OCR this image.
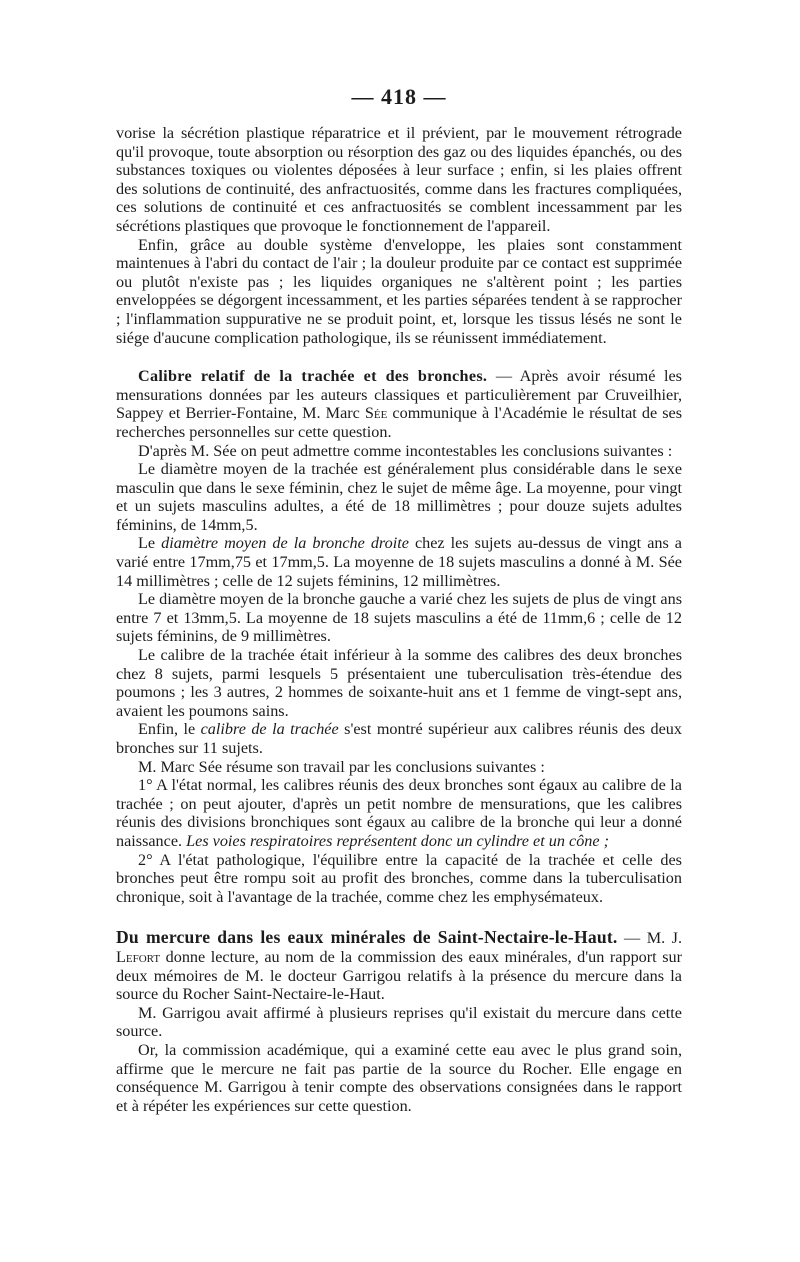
— 418 —

vorise la sécrétion plastique réparatrice et il prévient, par le mouvement rétrograde qu'il provoque, toute absorption ou résorption des gaz ou des liquides épanchés, ou des substances toxiques ou violentes déposées à leur surface ; enfin, si les plaies offrent des solutions de continuité, des anfractuosités, comme dans les fractures compliquées, ces solutions de continuité et ces anfractuosités se comblent incessamment par les sécrétions plastiques que provoque le fonctionnement de l'appareil.

Enfin, grâce au double système d'enveloppe, les plaies sont constamment maintenues à l'abri du contact de l'air ; la douleur produite par ce contact est supprimée ou plutôt n'existe pas ; les liquides organiques ne s'altèrent point ; les parties enveloppées se dégorgent incessamment, et les parties séparées tendent à se rapprocher ; l'inflammation suppurative ne se produit point, et, lorsque les tissus lésés ne sont le siége d'aucune complication pathologique, ils se réunissent immédiatement.

Calibre relatif de la trachée et des bronches. — Après avoir résumé les mensurations données par les auteurs classiques et particulièrement par Cruveilhier, Sappey et Berrier-Fontaine, M. Marc Sée communique à l'Académie le résultat de ses recherches personnelles sur cette question.

D'après M. Sée on peut admettre comme incontestables les conclusions suivantes :

Le diamètre moyen de la trachée est généralement plus considérable dans le sexe masculin que dans le sexe féminin, chez le sujet de même âge. La moyenne, pour vingt et un sujets masculins adultes, a été de 18 millimètres ; pour douze sujets adultes féminins, de 14mm,5.

Le diamètre moyen de la bronche droite chez les sujets au-dessus de vingt ans a varié entre 17mm,75 et 17mm,5. La moyenne de 18 sujets masculins a donné à M. Sée 14 millimètres ; celle de 12 sujets féminins, 12 millimètres.

Le diamètre moyen de la bronche gauche a varié chez les sujets de plus de vingt ans entre 7 et 13mm,5. La moyenne de 18 sujets masculins a été de 11mm,6 ; celle de 12 sujets féminins, de 9 millimètres.

Le calibre de la trachée était inférieur à la somme des calibres des deux bronches chez 8 sujets, parmi lesquels 5 présentaient une tuberculisation très-étendue des poumons ; les 3 autres, 2 hommes de soixante-huit ans et 1 femme de vingt-sept ans, avaient les poumons sains.

Enfin, le calibre de la trachée s'est montré supérieur aux calibres réunis des deux bronches sur 11 sujets.

M. Marc Sée résume son travail par les conclusions suivantes :

1° A l'état normal, les calibres réunis des deux bronches sont égaux au calibre de la trachée ; on peut ajouter, d'après un petit nombre de mensurations, que les calibres réunis des divisions bronchiques sont égaux au calibre de la bronche qui leur a donné naissance. Les voies respiratoires représentent donc un cylindre et un cône ;

2° A l'état pathologique, l'équilibre entre la capacité de la trachée et celle des bronches peut être rompu soit au profit des bronches, comme dans la tuberculisation chronique, soit à l'avantage de la trachée, comme chez les emphysémateux.

Du mercure dans les eaux minérales de Saint-Nectaire-le-Haut. — M. J. Lefort donne lecture, au nom de la commission des eaux minérales, d'un rapport sur deux mémoires de M. le docteur Garrigou relatifs à la présence du mercure dans la source du Rocher Saint-Nectaire-le-Haut.

M. Garrigou avait affirmé à plusieurs reprises qu'il existait du mercure dans cette source.

Or, la commission académique, qui a examiné cette eau avec le plus grand soin, affirme que le mercure ne fait pas partie de la source du Rocher. Elle engage en conséquence M. Garrigou à tenir compte des observations consignées dans le rapport et à répéter les expériences sur cette question.
